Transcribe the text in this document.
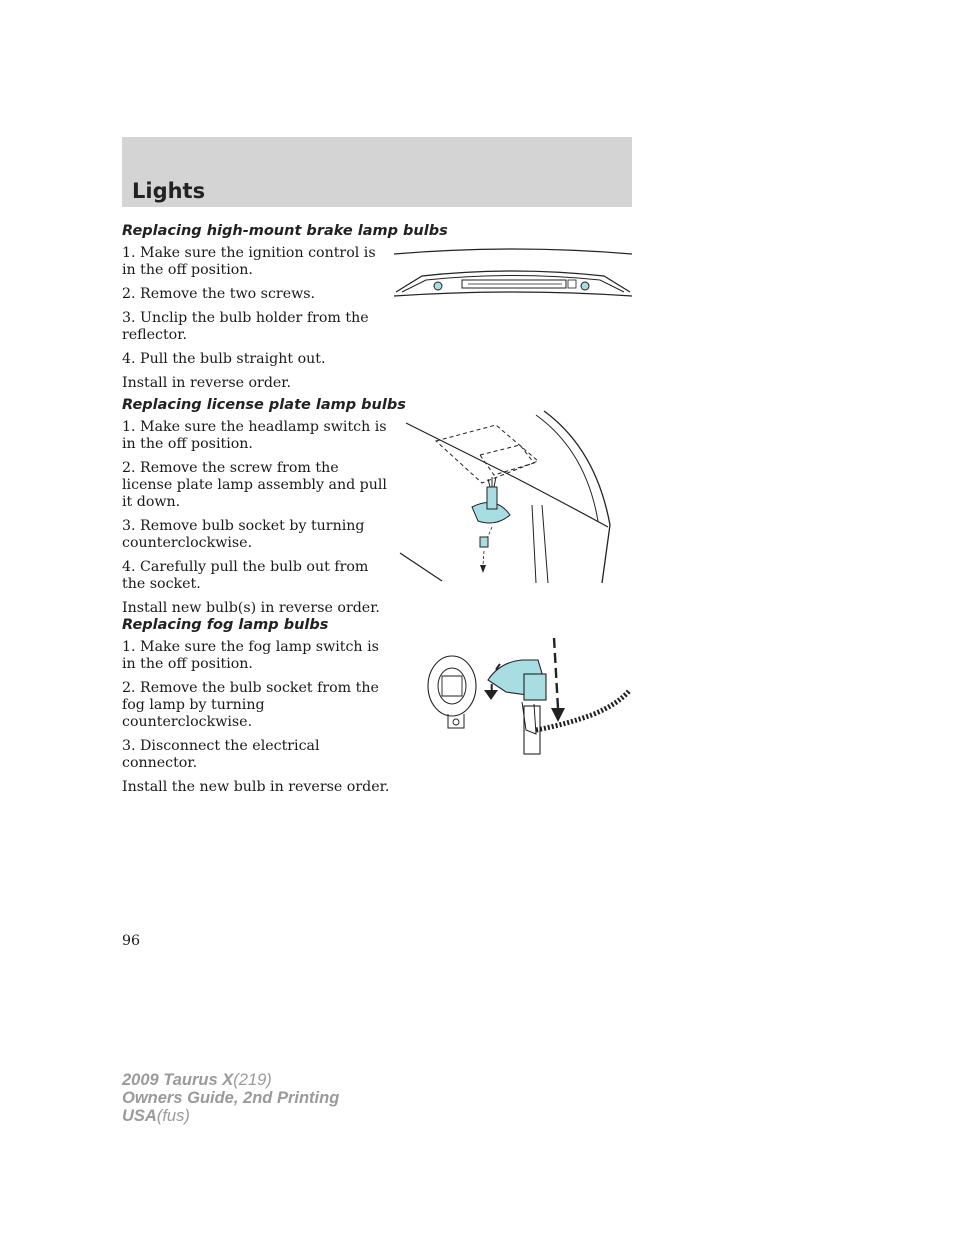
Lights
Replacing high-mount brake lamp bulbs

1. Make sure the ignition control is in the off position.

2. Remove the two screws.

3. Unclip the bulb holder from the reflector.

4. Pull the bulb straight out.

Install in reverse order.

Replacing license plate lamp bulbs

1. Make sure the headlamp switch is in the off position.

2. Remove the screw from the license plate lamp assembly and pull it down.

3. Remove bulb socket by turning counterclockwise.

4. Carefully pull the bulb out from the socket.

Install new bulb(s) in reverse order.

Replacing fog lamp bulbs

1. Make sure the fog lamp switch is in the off position.

2. Remove the bulb socket from the fog lamp by turning counterclockwise.

3. Disconnect the electrical connector.

Install the new bulb in reverse order.

96
2009 Taurus X(219)
Owners Guide, 2nd Printing
USA(fus)
